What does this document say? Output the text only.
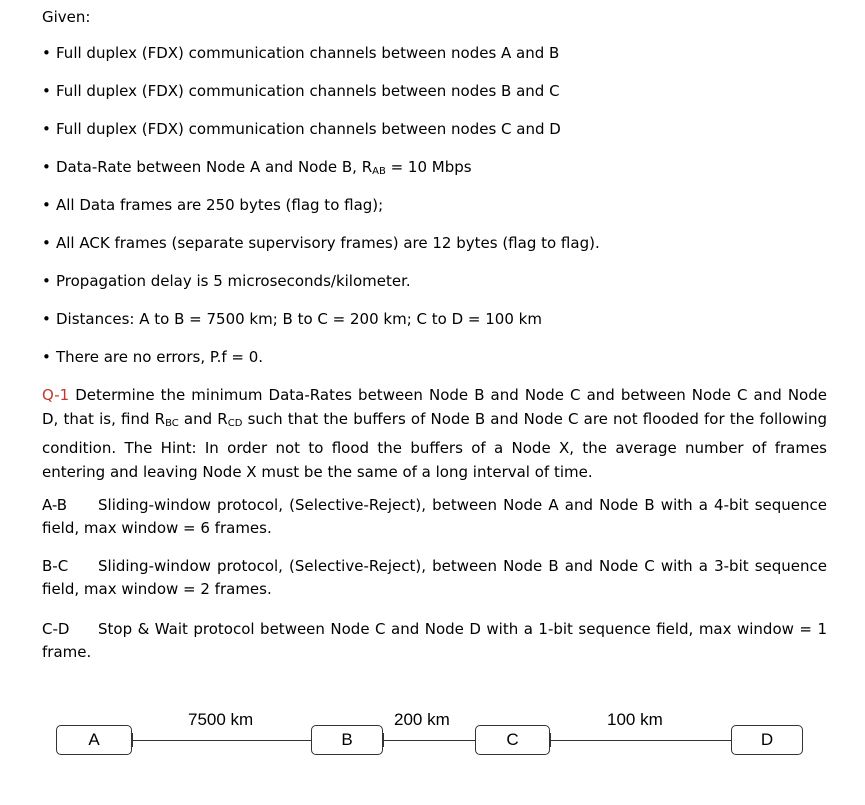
Given:

• Full duplex (FDX) communication channels between nodes A and B
• Full duplex (FDX) communication channels between nodes B and C
• Full duplex (FDX) communication channels between nodes C and D
• Data-Rate between Node A and Node B, $R_{AB} = 10$ Mbps
• All Data frames are 250 bytes (flag to flag);
• All ACK frames (separate supervisory frames) are 12 bytes (flag to flag).
• Propagation delay is 5 microseconds/kilometer.
• Distances: A to B = 7500 km; B to C = 200 km; C to D = 100 km
• There are no errors, P.f = 0.

Q-1 Determine the minimum Data-Rates between Node B and Node C and between Node C and Node D, that is, find $R_{BC}$ and $R_{CD}$ such that the buffers of Node B and Node C are not flooded for the following condition. The Hint: In order not to flood the buffers of a Node X, the average number of frames entering and leaving Node X must be the same of a long interval of time.

A-B Sliding-window protocol, (Selective-Reject), between Node A and Node B with a 4-bit sequence field, max window = 6 frames.

B-C Sliding-window protocol, (Selective-Reject), between Node B and Node C with a 3-bit sequence field, max window = 2 frames.

C-D Stop & Wait protocol between Node C and Node D with a 1-bit sequence field, max window = 1 frame.

A	B	C	D
7500 km	200 km	100 km
